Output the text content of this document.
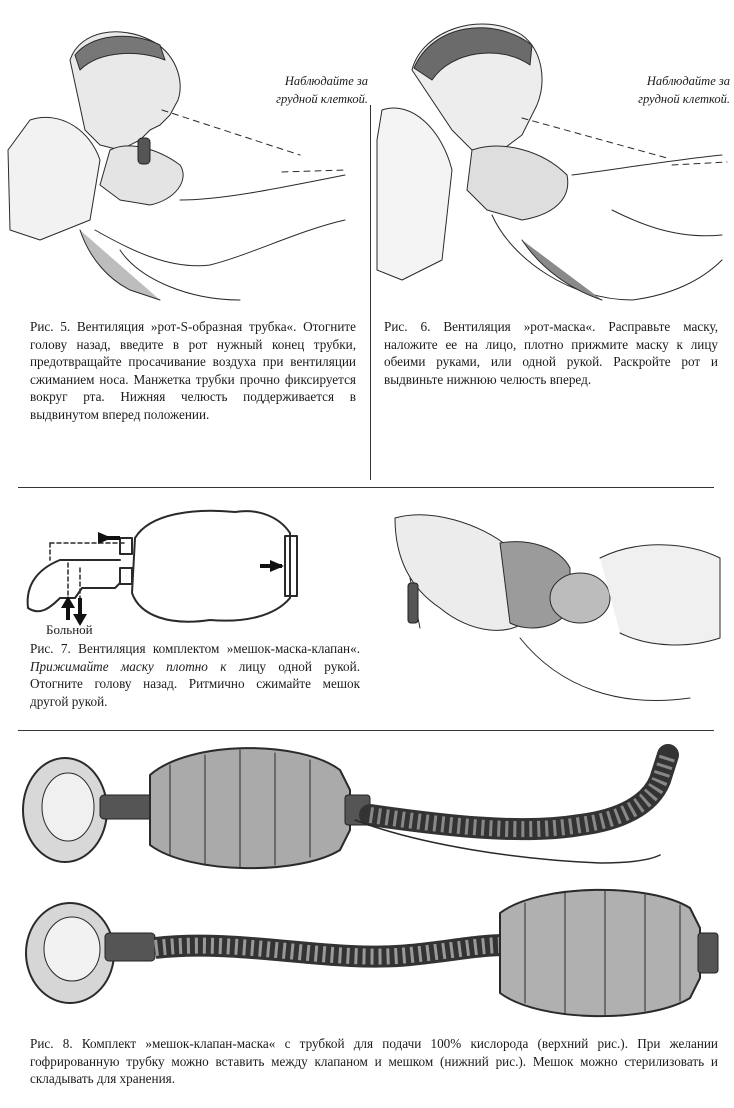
Наблюдайте за
грудной клеткой.
Рис. 5. Вентиляция »рот-S-образная трубка«. Отогните голову назад, введите в рот нужный конец трубки, предотвращайте просачивание воздуха при вентиляции сжиманием носа. Манжетка трубки прочно фиксируется вокруг рта. Нижняя челюсть поддерживается в выдвинутом вперед положении.
Наблюдайте за
грудной клеткой.
Рис. 6. Вентиляция »рот-маска«. Расправьте маску, наложите ее на лицо, плотно прижмите маску к лицу обеими руками, или одной рукой. Раскройте рот и выдвиньте нижнюю челюсть вперед.
Больной
Рис. 7. Вентиляция комплектом »мешок-маска-клапан«. Прижимайте маску плотно к лицу одной рукой. Отогните голову назад. Ритмично сжимайте мешок другой рукой.
Рис. 8. Комплект »мешок-клапан-маска« с трубкой для подачи 100% кислорода (верхний рис.). При желании гофрированную трубку можно вставить между клапаном и мешком (нижний рис.). Мешок можно стерилизовать и складывать для хранения.
